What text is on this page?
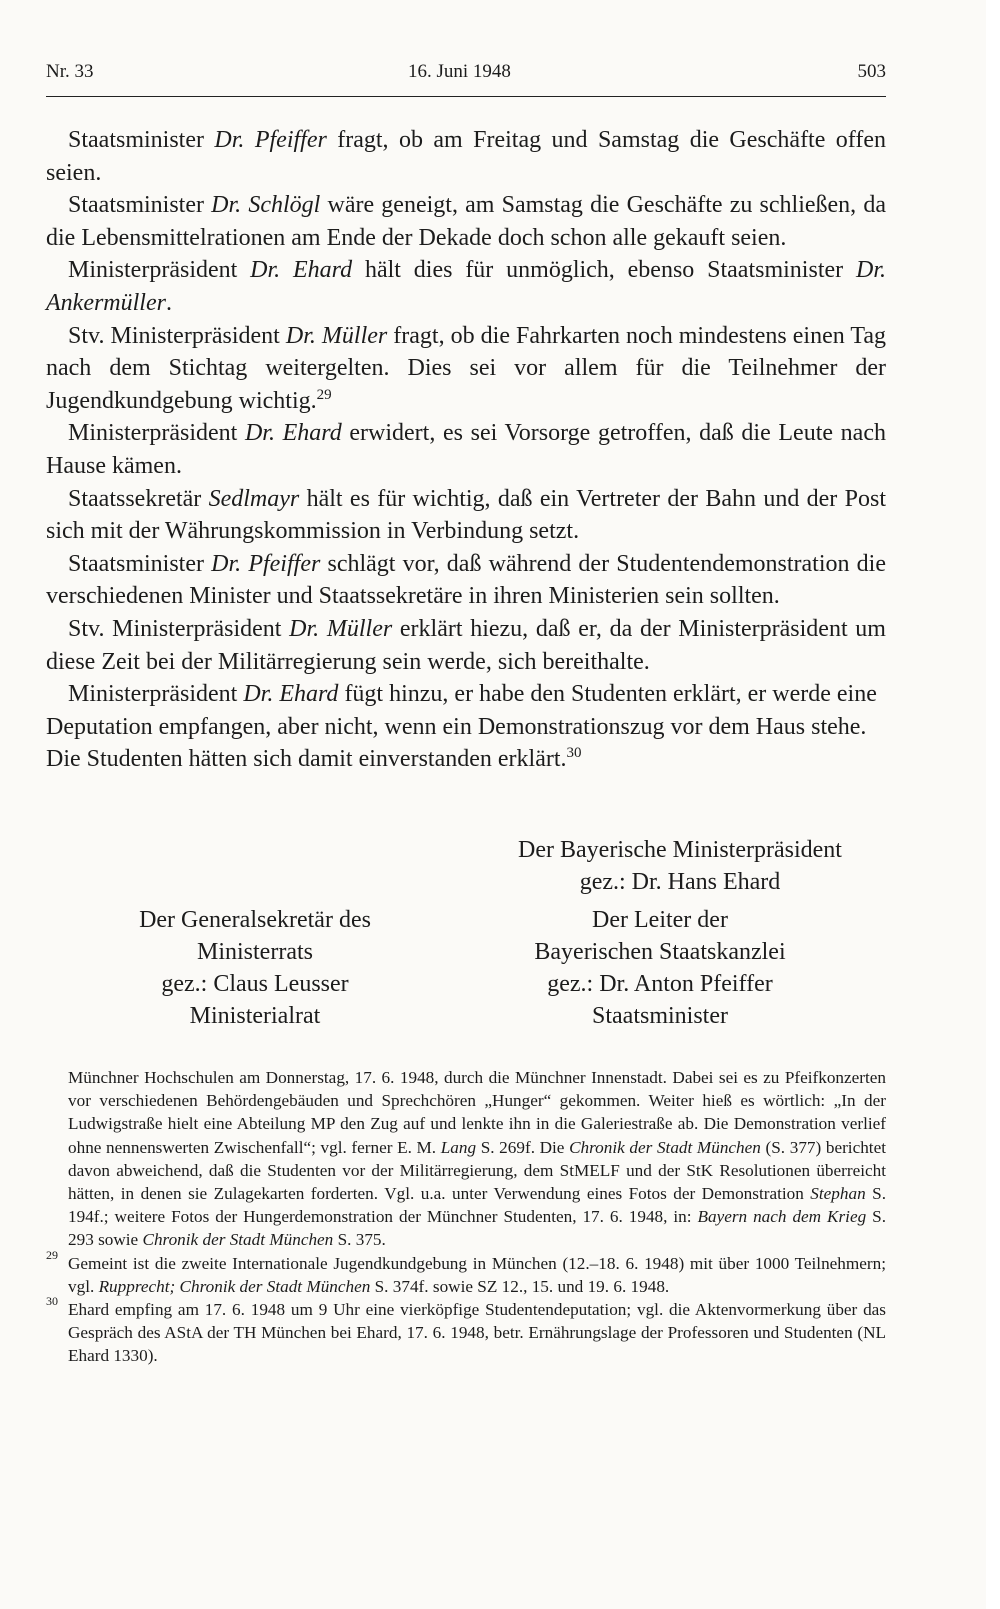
Nr. 33	16. Juni 1948	503

Staatsminister Dr. Pfeiffer fragt, ob am Freitag und Samstag die Geschäfte offen seien.

Staatsminister Dr. Schlögl wäre geneigt, am Samstag die Geschäfte zu schließen, da die Lebensmittelrationen am Ende der Dekade doch schon alle gekauft seien.

Ministerpräsident Dr. Ehard hält dies für unmöglich, ebenso Staatsminister Dr. Ankermüller.

Stv. Ministerpräsident Dr. Müller fragt, ob die Fahrkarten noch mindestens einen Tag nach dem Stichtag weitergelten. Dies sei vor allem für die Teilnehmer der Jugendkundgebung wichtig.$^{29}$

Ministerpräsident Dr. Ehard erwidert, es sei Vorsorge getroffen, daß die Leute nach Hause kämen.

Staatssekretär Sedlmayr hält es für wichtig, daß ein Vertreter der Bahn und der Post sich mit der Währungskommission in Verbindung setzt.

Staatsminister Dr. Pfeiffer schlägt vor, daß während der Studentendemonstration die verschiedenen Minister und Staatssekretäre in ihren Ministerien sein sollten.

Stv. Ministerpräsident Dr. Müller erklärt hiezu, daß er, da der Ministerpräsident um diese Zeit bei der Militärregierung sein werde, sich bereithalte.

Ministerpräsident Dr. Ehard fügt hinzu, er habe den Studenten erklärt, er werde eine Deputation empfangen, aber nicht, wenn ein Demonstrationszug vor dem Haus stehe. Die Studenten hätten sich damit einverstanden erklärt.$^{30}$

Der Bayerische Ministerpräsident
gez.: Dr. Hans Ehard
Der Generalsekretär des
Ministerrats
gez.: Claus Leusser
Ministerialrat
Der Leiter der
Bayerischen Staatskanzlei
gez.: Dr. Anton Pfeiffer
Staatsminister
Münchner Hochschulen am Donnerstag, 17. 6. 1948, durch die Münchner Innenstadt. Dabei sei es zu Pfeifkonzerten vor verschiedenen Behördengebäuden und Sprechchören „Hunger“ gekommen. Weiter hieß es wörtlich: „In der Ludwigstraße hielt eine Abteilung MP den Zug auf und lenkte ihn in die Galeriestraße ab. Die Demonstration verlief ohne nennenswerten Zwischenfall“; vgl. ferner E. M. Lang S. 269f. Die Chronik der Stadt München (S. 377) berichtet davon abweichend, daß die Studenten vor der Militärregierung, dem StMELF und der StK Resolutionen überreicht hätten, in denen sie Zulagekarten forderten. Vgl. u.a. unter Verwendung eines Fotos der Demonstration Stephan S. 194f.; weitere Fotos der Hungerdemonstration der Münchner Studenten, 17. 6. 1948, in: Bayern nach dem Krieg S. 293 sowie Chronik der Stadt München S. 375.
29 Gemeint ist die zweite Internationale Jugendkundgebung in München (12.–18. 6. 1948) mit über 1000 Teilnehmern; vgl. Rupprecht; Chronik der Stadt München S. 374f. sowie SZ 12., 15. und 19. 6. 1948.
30 Ehard empfing am 17. 6. 1948 um 9 Uhr eine vierköpfige Studentendeputation; vgl. die Aktenvormerkung über das Gespräch des AStA der TH München bei Ehard, 17. 6. 1948, betr. Ernährungslage der Professoren und Studenten (NL Ehard 1330).
